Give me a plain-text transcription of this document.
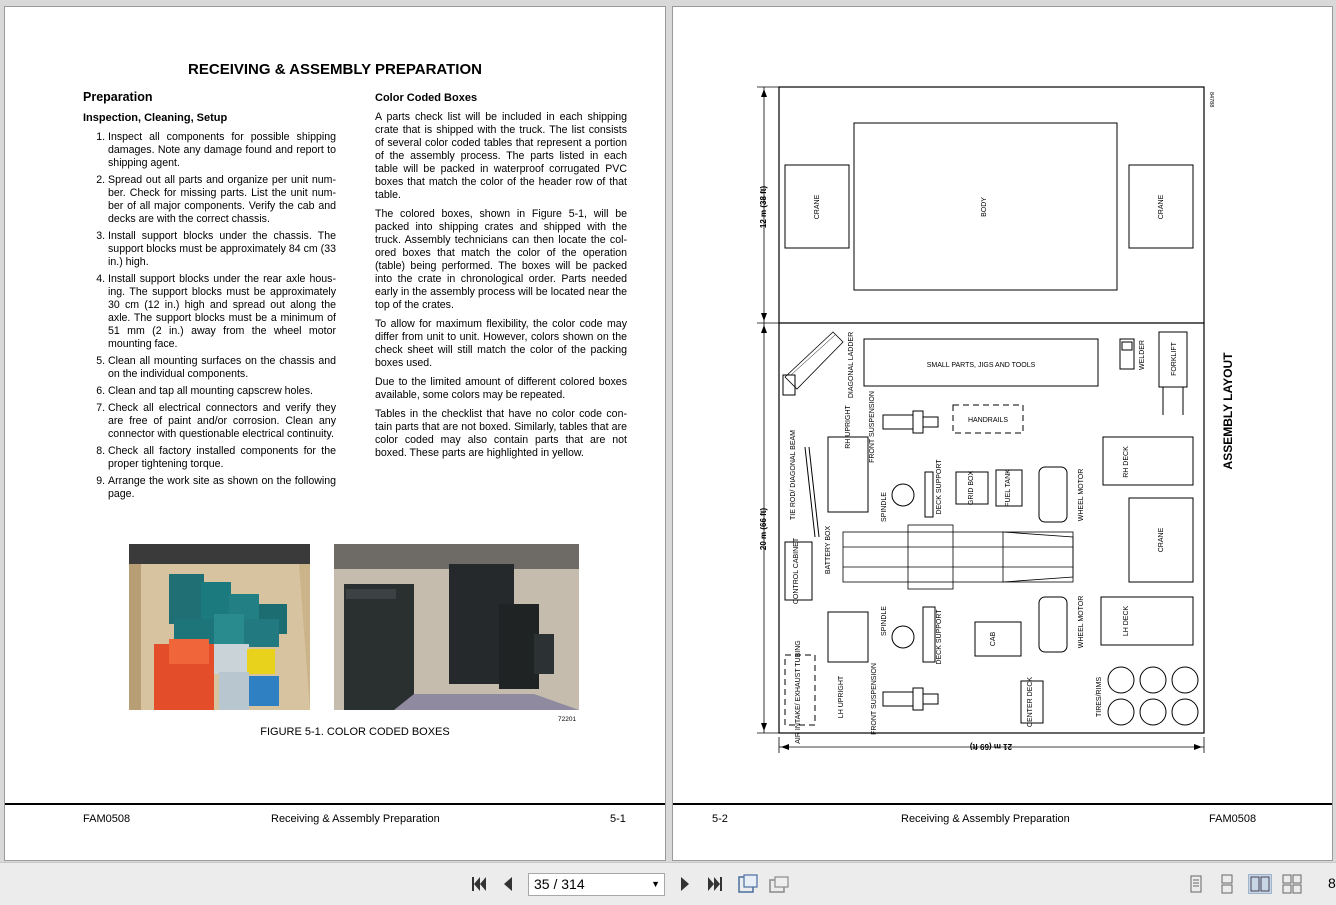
RECEIVING & ASSEMBLY PREPARATION
Preparation
Inspection, Cleaning, Setup
1. Inspect all components for possible shipping damages. Note any damage found and report to shipping agent.
2. Spread out all parts and organize per unit number. Check for missing parts. List the unit number of all major components. Verify the cab and decks are with the correct chassis.
3. Install support blocks under the chassis. The support blocks must be approximately 84 cm (33 in.) high.
4. Install support blocks under the rear axle housing. The support blocks must be approximately 30 cm (12 in.) high and spread out along the axle. The support blocks must be a minimum of 51 mm (2 in.) away from the wheel motor mounting face.
5. Clean all mounting surfaces on the chassis and on the individual components.
6. Clean and tap all mounting capscrew holes.
7. Check all electrical connectors and verify they are free of paint and/or corrosion. Clean any connector with questionable electrical continuity.
8. Check all factory installed components for the proper tightening torque.
9. Arrange the work site as shown on the following page.
Color Coded Boxes

A parts check list will be included in each shipping crate that is shipped with the truck. The list consists of several color coded tables that represent a portion of the assembly process. The parts listed in each table will be packed in waterproof corrugated PVC boxes that match the color of the header row of that table.

The colored boxes, shown in Figure 5-1, will be packed into shipping crates and shipped with the truck. Assembly technicians can then locate the colored boxes that match the color of the operation (table) being performed. The boxes will be packed into the crate in chronological order. Parts needed early in the assembly process will be located near the top of the crates.

To allow for maximum flexibility, the color code may differ from unit to unit. However, colors shown on the check sheet will still match the color of the packing boxes used.

Due to the limited amount of different colored boxes available, some colors may be repeated.

Tables in the checklist that have no color code contain parts that are not boxed. Similarly, tables that are color coded may also contain parts that are not boxed. These parts are highlighted in yellow.

72201
FIGURE 5-1. COLOR CODED BOXES
FAM0508	Receiving & Assembly Preparation	5-1
12 m (38 ft)
20 m (66 ft)
21 m (69 ft)
84788
CRANE	BODY	CRANE
DIAGONAL LADDER	SMALL PARTS, JIGS AND TOOLS	WELDER	FORKLIFT
RH UPRIGHT FRONT SUSPENSION	HANDRAILS
TIE ROD/ DIAGONAL BEAM	SPINDLE	DECK SUPPORT	GRID BOX	FUEL TANK	WHEEL MOTOR
RH DECK
BATTERY BOX
CONTROL CABINET	CRANE
SPINDLE	DECK SUPPORT	CAB	WHEEL MOTOR	LH DECK
AIR INTAKE/ EXHAUST TUBING	LH UPRIGHT	FRONT SUSPENSION	CENTER DECK	TIRES/RIMS
ASSEMBLY LAYOUT
5-2	Receiving & Assembly Preparation	FAM0508
35 / 314	▼	8
